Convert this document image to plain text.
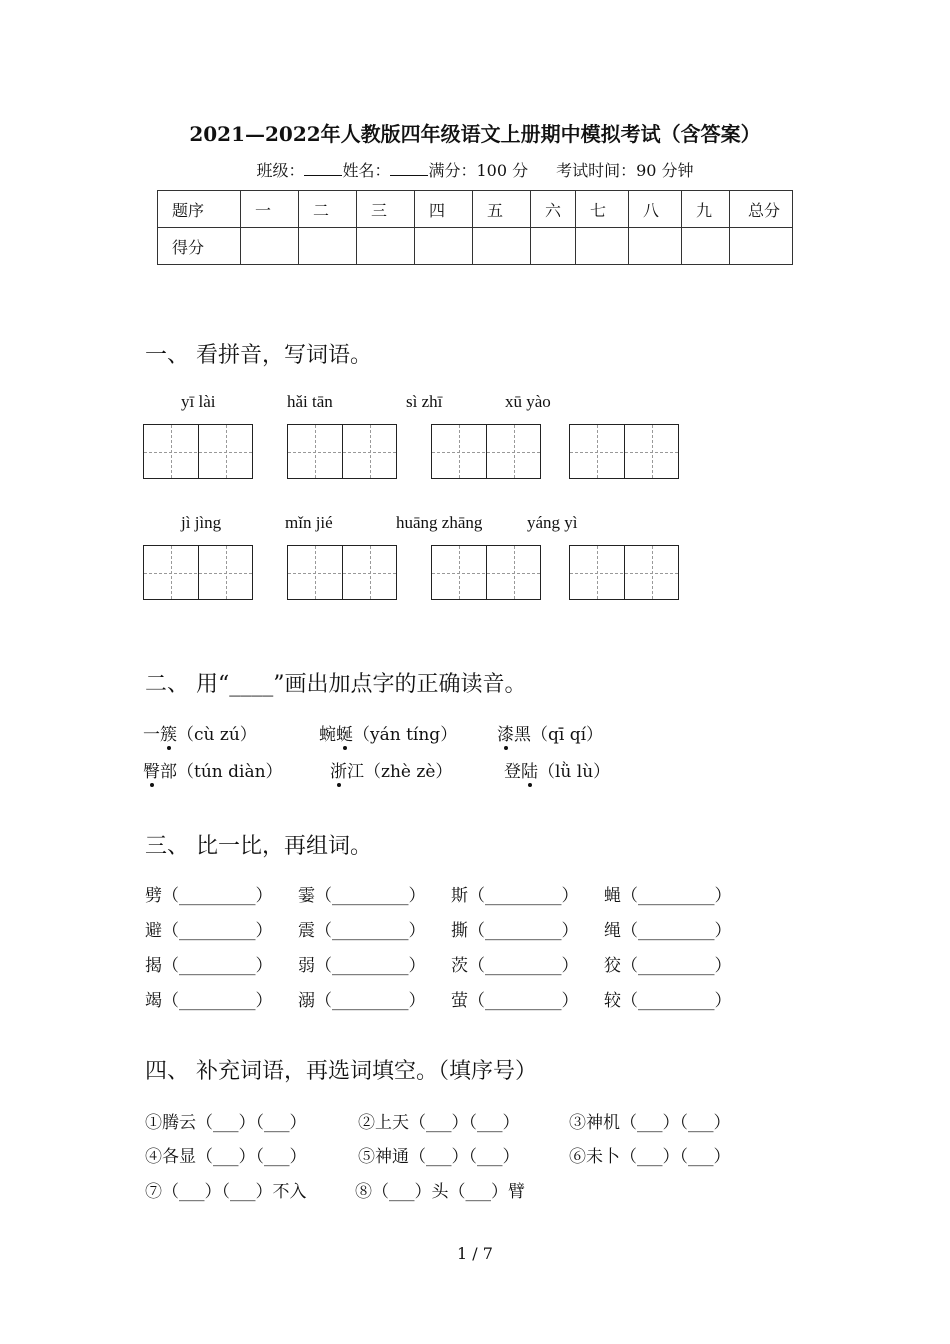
2021—2022年人教版四年级语文上册期中模拟考试（含答案）
班级： 姓名： 满分：100 分 考试时间：90 分钟
题序	一	二	三	四	五	六	七	八	九	总分
得分										
一、 看拼音，写词语。
yī lài	hǎi tān	sì zhī	xū yào
jì jìng	mǐn jié	huāng zhāng	yáng yì
二、 用“____”画出加点字的正确读音。
一簇（cù zú）	蜿蜒（yán tíng） 漆黑（qī qí）
臀部（tún diàn）	浙江（zhè zè）	登陆（lǜ lù）
三、 比一比，再组词。
劈（_________） 霎（_________） 斯（_________） 蝇（_________）
避（_________） 震（_________） 撕（_________） 绳（_________）
揭（_________） 弱（_________） 茨（_________） 狡（_________）
竭（_________） 溺（_________） 萤（_________） 较（_________）
四、 补充词语，再选词填空。（填序号）
①腾云（___）（___）	②上天（___）（___）	③神机（___）（___）
④各显（___）（___）	⑤神通（___）（___）	⑥未卜（___）（___）
⑦（___）（___）不入	⑧（___）头（___）臂
1 / 7
